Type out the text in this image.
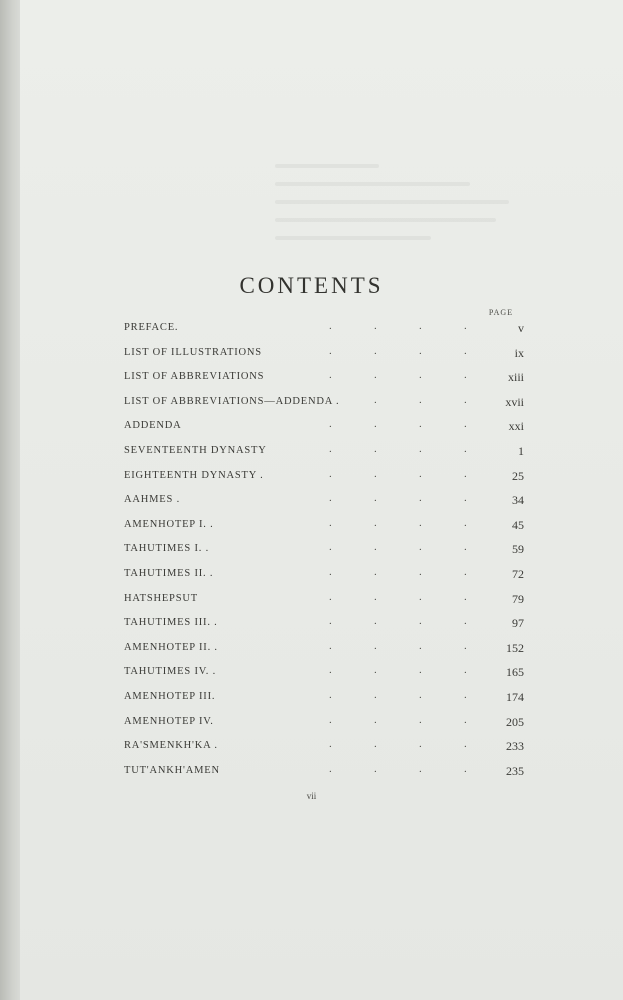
CONTENTS
PAGE
PREFACE.	.	.	.	.	v
LIST OF ILLUSTRATIONS	.	.	.	.	ix
LIST OF ABBREVIATIONS	.	.	.	.	xiii
LIST OF ABBREVIATIONS—ADDENDA .	.	.	.	xvii
ADDENDA	.	.	.	.	xxi
SEVENTEENTH DYNASTY	.	.	.	.	1
EIGHTEENTH DYNASTY .	.	.	.	.	25
AAHMES .	.	.	.	.	34
AMENHOTEP I. .	.	.	.	.	45
TAHUTIMES I. .	.	.	.	.	59
TAHUTIMES II. .	.	.	.	.	72
HATSHEPSUT	.	.	.	.	79
TAHUTIMES III. .	.	.	.	.	97
AMENHOTEP II. .	.	.	.	.	152
TAHUTIMES IV. .	.	.	.	.	165
AMENHOTEP III.	.	.	.	.	174
AMENHOTEP IV.	.	.	.	.	205
RA'SMENKH'KA .	.	.	.	.	233
TUT'ANKH'AMEN	.	.	.	.	235
vii
